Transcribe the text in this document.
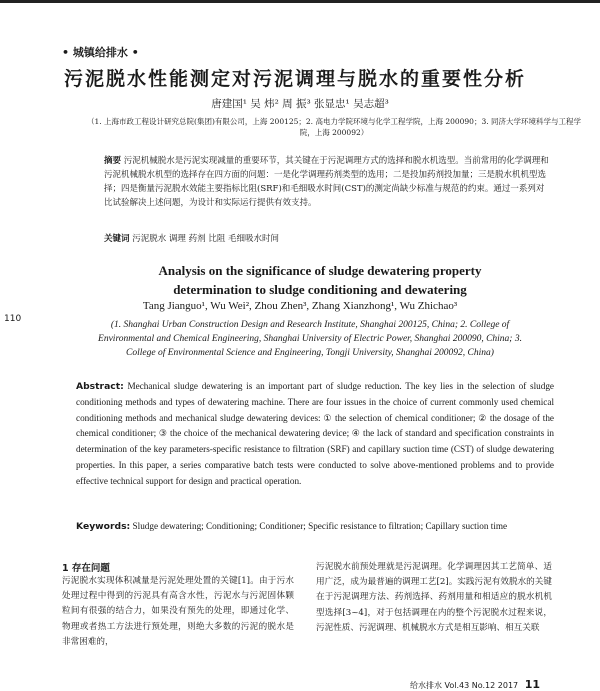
110
• 城镇给排水 •
污泥脱水性能测定对污泥调理与脱水的重要性分析
唐建国¹ 吴 炜² 周 振³ 张显忠¹ 吴志超³
（1. 上海市政工程设计研究总院(集团)有限公司，上海 200125；2. 高电力学院环境与化学工程学院，上海 200090；3. 同济大学环境科学与工程学院，上海 200092）
摘要 污泥机械脱水是污泥实现减量的重要环节，其关键在于污泥调理方式的选择和脱水机选型。当前常用的化学调理和污泥机械脱水机型的选择存在四方面的问题：一是化学调理药剂类型的选用；二是投加药剂投加量；三是脱水机机型选择；四是衡量污泥脱水效能主要指标比阻(SRF)和毛细吸水时间(CST)的测定尚缺少标准与规范的约束。通过一系列对比试验解决上述问题，为设计和实际运行提供有效支持。
关键词 污泥脱水 调理 药剂 比阻 毛细吸水时间
Analysis on the significance of sludge dewatering property
determination to sludge conditioning and dewatering
Tang Jianguo¹, Wu Wei², Zhou Zhen³, Zhang Xianzhong¹, Wu Zhichao³
(1. Shanghai Urban Construction Design and Research Institute, Shanghai 200125, China; 2. College of Environmental and Chemical Engineering, Shanghai University of Electric Power, Shanghai 200090, China; 3. College of Environmental Science and Engineering, Tongji University, Shanghai 200092, China)
Abstract: Mechanical sludge dewatering is an important part of sludge reduction. The key lies in the selection of sludge conditioning methods and types of dewatering machine. There are four issues in the choice of current commonly used chemical conditioning methods and mechanical sludge dewatering devices: ① the selection of chemical conditioner; ② the dosage of the chemical conditioner; ③ the choice of the mechanical dewatering device; ④ the lack of standard and specification constraints in determination of the key parameters-specific resistance to filtration (SRF) and capillary suction time (CST) of sludge dewatering properties. In this paper, a series comparative batch tests were conducted to solve above-mentioned problems and to provide effective technical support for design and practical operation.
Keywords: Sludge dewatering; Conditioning; Conditioner; Specific resistance to filtration; Capillary suction time
1 存在问题
污泥脱水实现体积减量是污泥处理处置的关键[1]。由于污水处理过程中得到的污泥具有高含水性，污泥水与污泥固体颗粒间有很强的结合力，如果没有预先的处理，即通过化学、物理或者热工方法进行预处理，则绝大多数的污泥的脱水是非常困难的，
污泥脱水前预处理就是污泥调理。化学调理因其工艺简单、适用广泛，成为最普遍的调理工艺[2]。实践污泥有效脱水的关键在于污泥调理方法、药剂选择、药剂用量和相适应的脱水机机型选择[3~4]，对于包括调理在内的整个污泥脱水过程来说，污泥性质、污泥调理、机械脱水方式是相互影响、相互关联
给水排水 Vol.43 No.12 2017 11
